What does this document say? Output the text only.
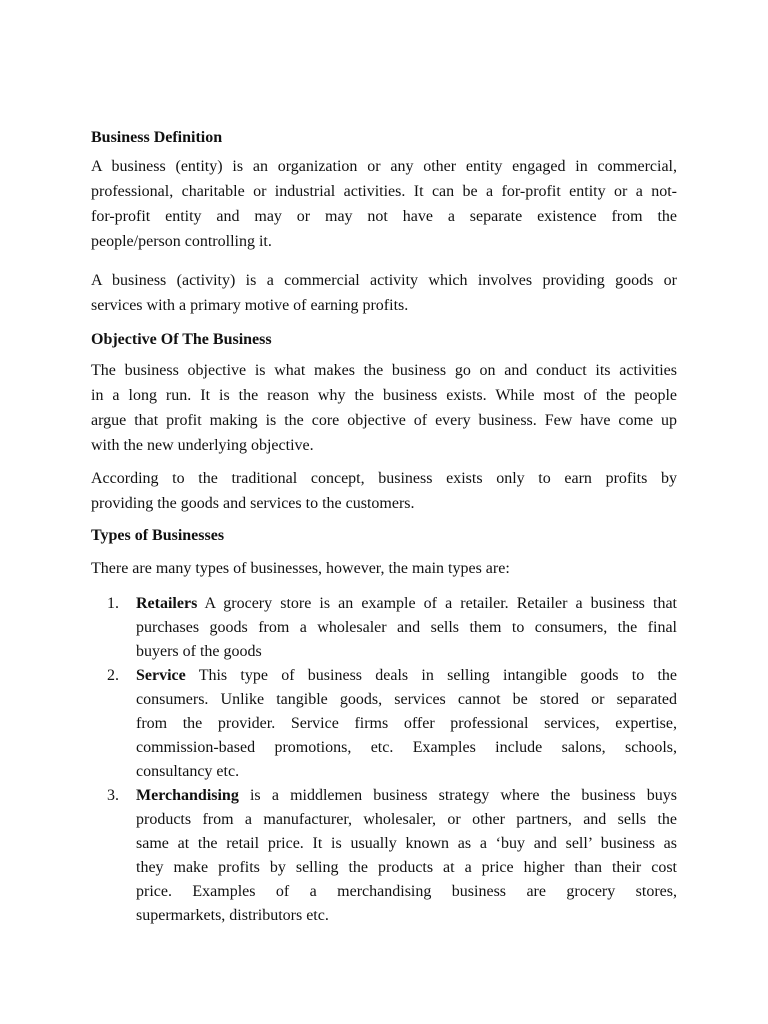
Business Definition
A business (entity) is an organization or any other entity engaged in commercial,
professional, charitable or industrial activities. It can be a for-profit entity or a not-
for-profit entity and may or may not have a separate existence from the
people/person controlling it.
A business (activity) is a commercial activity which involves providing goods or
services with a primary motive of earning profits.
Objective Of The Business
The business objective is what makes the business go on and conduct its activities
in a long run. It is the reason why the business exists. While most of the people
argue that profit making is the core objective of every business. Few have come up
with the new underlying objective.
According to the traditional concept, business exists only to earn profits by
providing the goods and services to the customers.
Types of Businesses
There are many types of businesses, however, the main types are:
1. Retailers A grocery store is an example of a retailer. Retailer a business that
purchases goods from a wholesaler and sells them to consumers, the final
buyers of the goods
2. Service This type of business deals in selling intangible goods to the
consumers. Unlike tangible goods, services cannot be stored or separated
from the provider. Service firms offer professional services, expertise,
commission-based promotions, etc. Examples include salons, schools,
consultancy etc.
3. Merchandising is a middlemen business strategy where the business buys
products from a manufacturer, wholesaler, or other partners, and sells the
same at the retail price. It is usually known as a ‘buy and sell’ business as
they make profits by selling the products at a price higher than their cost
price. Examples of a merchandising business are grocery stores,
supermarkets, distributors etc.
